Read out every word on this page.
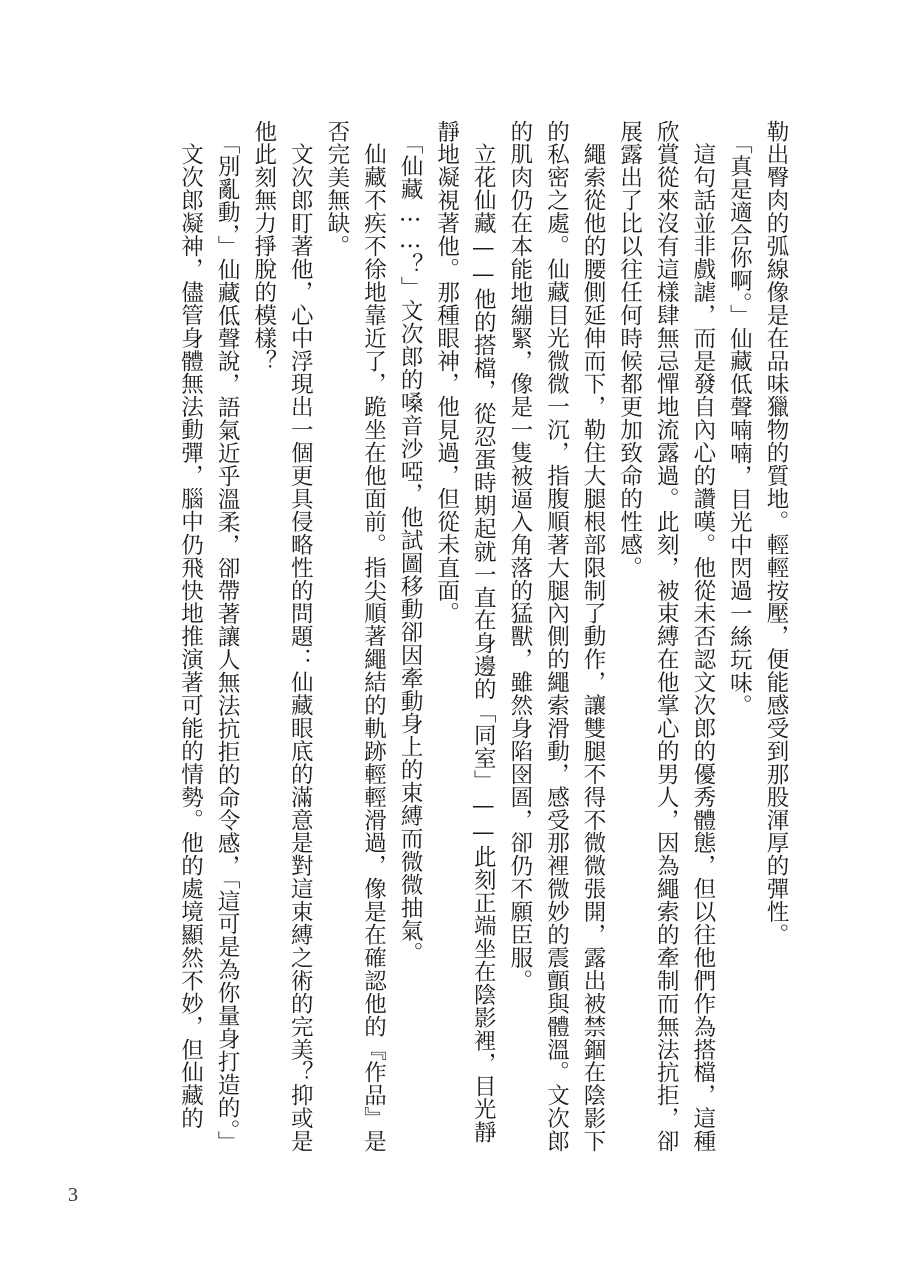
勒出臀肉的弧線像是在品味獵物的質地。輕輕按壓，便能感受到那股渾厚的彈性。

　「真是適合你啊。」仙藏低聲喃喃，目光中閃過一絲玩味。

　這句話並非戲謔，而是發自內心的讚嘆。他從未否認文次郎的優秀體態，但以往他們作為搭檔，這種欣賞從來沒有這樣肆無忌憚地流露過。此刻，被束縛在他掌心的男人，因為繩索的牽制而無法抗拒，卻展露出了比以往任何時候都更加致命的性感。

　繩索從他的腰側延伸而下，勒住大腿根部限制了動作，讓雙腿不得不微微張開，露出被禁錮在陰影下的私密之處。仙藏目光微微一沉，指腹順著大腿內側的繩索滑動，感受那裡微妙的震顫與體溫。文次郎的肌肉仍在本能地繃緊，像是一隻被逼入角落的猛獸，雖然身陷囹圄，卻仍不願臣服。

　立花仙藏——他的搭檔，從忍蛋時期起就一直在身邊的「同室」——此刻正端坐在陰影裡，目光靜靜地凝視著他。那種眼神，他見過，但從未直面。

　「仙藏……？」文次郎的嗓音沙啞，他試圖移動卻因牽動身上的束縛而微微抽氣。

　仙藏不疾不徐地靠近了，跪坐在他面前。指尖順著繩結的軌跡輕輕滑過，像是在確認他的『作品』是否完美無缺。

　文次郎盯著他，心中浮現出一個更具侵略性的問題：仙藏眼底的滿意是對這束縛之術的完美？抑或是他此刻無力掙脫的模樣？

　「別亂動，」仙藏低聲說，語氣近乎溫柔，卻帶著讓人無法抗拒的命令感，「這可是為你量身打造的。」

　文次郎凝神，儘管身體無法動彈，腦中仍飛快地推演著可能的情勢。他的處境顯然不妙，但仙藏的

3
